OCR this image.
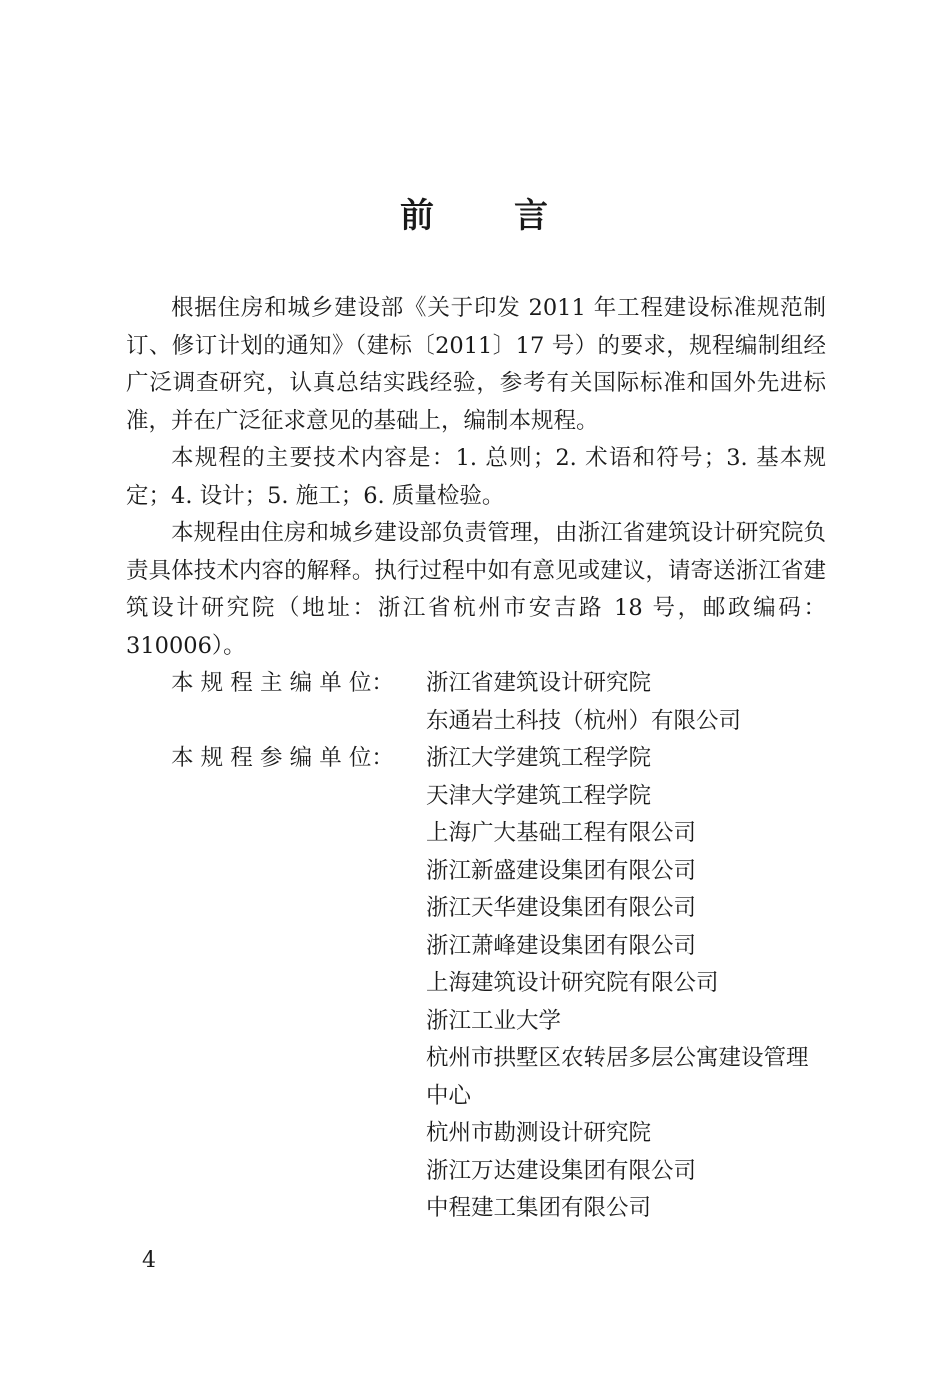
前 言

根据住房和城乡建设部《关于印发 2011 年工程建设标准规范制订、修订计划的通知》（建标〔2011〕17 号）的要求，规程编制组经广泛调查研究，认真总结实践经验，参考有关国际标准和国外先进标准，并在广泛征求意见的基础上，编制本规程。

本规程的主要技术内容是：1. 总则；2. 术语和符号；3. 基本规定；4. 设计；5. 施工；6. 质量检验。

本规程由住房和城乡建设部负责管理，由浙江省建筑设计研究院负责具体技术内容的解释。执行过程中如有意见或建议，请寄送浙江省建筑设计研究院（地址：浙江省杭州市安吉路 18 号，邮政编码：310006）。

本 规 程 主 编 单 位：	浙江省建筑设计研究院
东通岩土科技（杭州）有限公司
本 规 程 参 编 单 位：	浙江大学建筑工程学院
天津大学建筑工程学院
上海广大基础工程有限公司
浙江新盛建设集团有限公司
浙江天华建设集团有限公司
浙江萧峰建设集团有限公司
上海建筑设计研究院有限公司
浙江工业大学
杭州市拱墅区农转居多层公寓建设管理中心
杭州市勘测设计研究院
浙江万达建设集团有限公司
中程建工集团有限公司
4
